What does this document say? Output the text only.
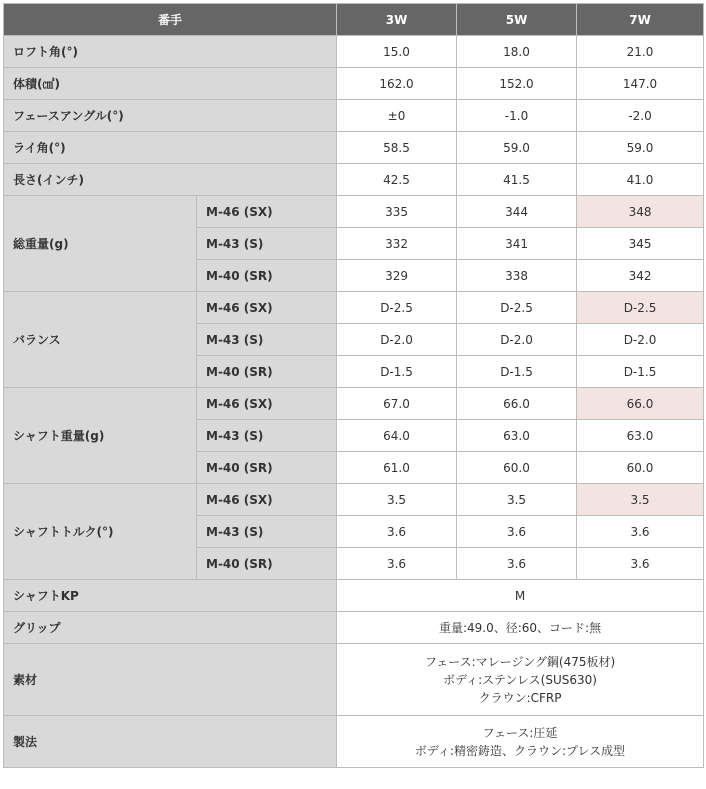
番手		3W	5W	7W
ロフト角(°)		15.0	18.0	21.0
体積(㎤)		162.0	152.0	147.0
フェースアングル(°)		±0	-1.0	-2.0
ライ角(°)		58.5	59.0	59.0
長さ(インチ)		42.5	41.5	41.0
総重量(g)	M-46 (SX)	335	344	348
	M-43 (S)	332	341	345
	M-40 (SR)	329	338	342
バランス	M-46 (SX)	D-2.5	D-2.5	D-2.5
	M-43 (S)	D-2.0	D-2.0	D-2.0
	M-40 (SR)	D-1.5	D-1.5	D-1.5
シャフト重量(g)	M-46 (SX)	67.0	66.0	66.0
	M-43 (S)	64.0	63.0	63.0
	M-40 (SR)	61.0	60.0	60.0
シャフトトルク(°)	M-46 (SX)	3.5	3.5	3.5
	M-43 (S)	3.6	3.6	3.6
	M-40 (SR)	3.6	3.6	3.6
シャフトKP		M		

グリップ		重量:49.0、径:60、コード:無		

素材		フェース:マレージング鋼(475板材)
ボディ:ステンレス(SUS630)
クラウン:CFRP		

製法		フェース:圧延
ボディ:精密鋳造、クラウン:プレス成型		
